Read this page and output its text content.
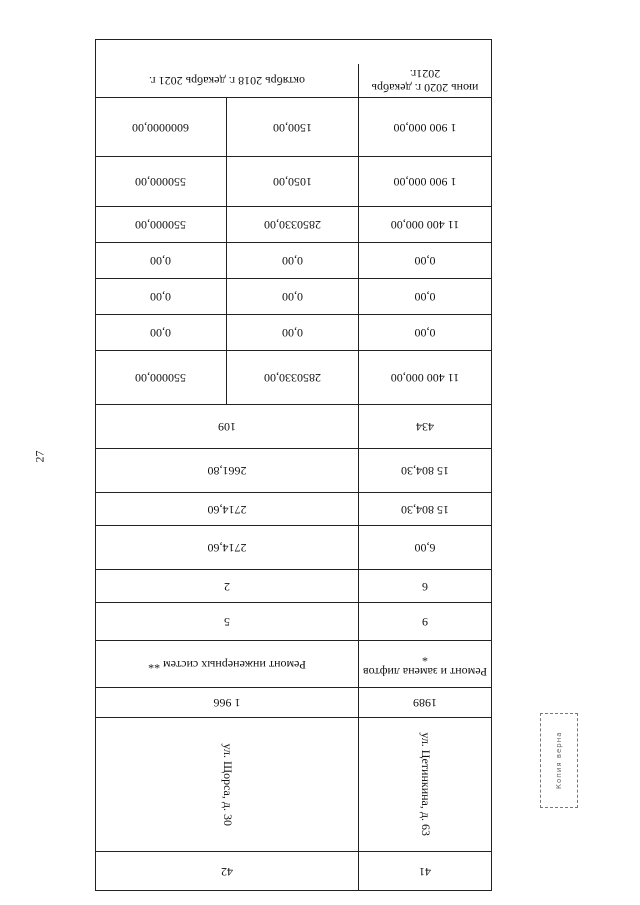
41
42
ул. Цетинкина, д. 63
ул. Щорса, д. 30
1989
1 966
Ремонт и замена лифтов *
Ремонт инженерных систем **
9
5
6
2
6,00
2714,60
15 804,30
2714,60
15 804,30
2661,80
434
109
11 400 000,00
2850330,00
550000,00
0,00
0,00
0,00
0,00
0,00
0,00
0,00
0,00
0,00
11 400 000,00
2850330,00
550000,00
1 900 000,00
1050,00
550000,00
1 900 000,00
1500,00
6000000,00
июнь 2020 г. декабрь 2021г.
октябрь 2018 г. декабрь 2021 г.
27
Копия верна
